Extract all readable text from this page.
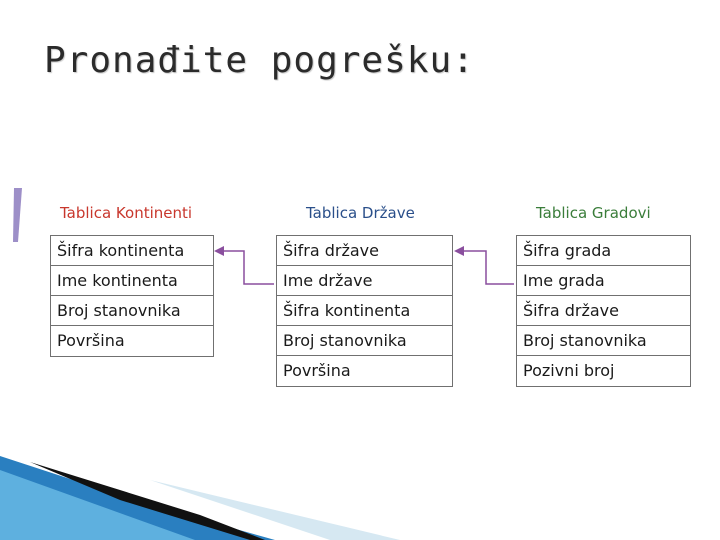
Pronađite pogrešku:
Tablica Kontinenti	Tablica Države	Tablica Gradovi
Šifra kontinenta
Ime kontinenta
Broj stanovnika
Površina
Šifra države
Ime države
Šifra kontinenta
Broj stanovnika
Površina
Šifra grada
Ime grada
Šifra države
Broj stanovnika
Pozivni broj
